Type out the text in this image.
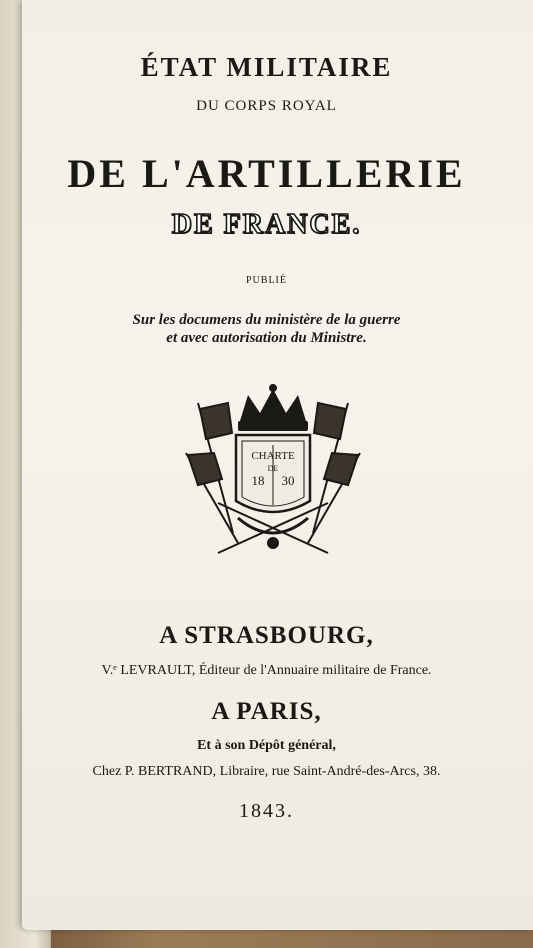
ÉTAT MILITAIRE
DU CORPS ROYAL
DE L'ARTILLERIE
DE FRANCE.
PUBLIÉ
Sur les documens du ministère de la guerre
et avec autorisation du Ministre.
CHARTE
DE
18 30
A STRASBOURG,
V.ᵉ LEVRAULT, Éditeur de l'Annuaire militaire de France.
A PARIS,
Et à son Dépôt général,
Chez P. BERTRAND, Libraire, rue Saint-André-des-Arcs, 38.
1843.
